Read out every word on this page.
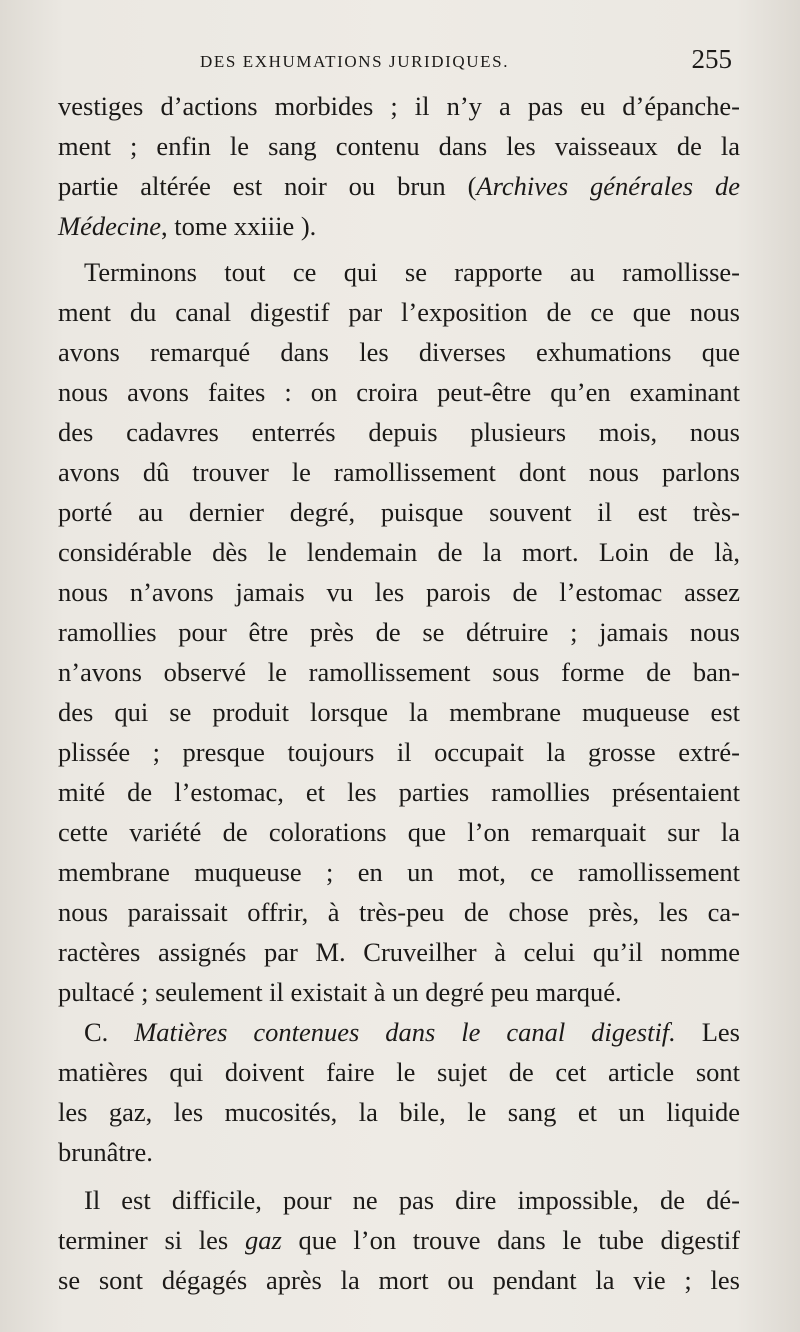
DES EXHUMATIONS JURIDIQUES.	255
vestiges d’actions morbides ; il n’y a pas eu d’épanche-
ment ; enfin le sang contenu dans les vaisseaux de la
partie altérée est noir ou brun (Archives générales de
Médecine, tome xxiiie ).
Terminons tout ce qui se rapporte au ramollisse-
ment du canal digestif par l’exposition de ce que nous
avons remarqué dans les diverses exhumations que
nous avons faites : on croira peut-être qu’en examinant
des cadavres enterrés depuis plusieurs mois, nous
avons dû trouver le ramollissement dont nous parlons
porté au dernier degré, puisque souvent il est très-
considérable dès le lendemain de la mort. Loin de là,
nous n’avons jamais vu les parois de l’estomac assez
ramollies pour être près de se détruire ; jamais nous
n’avons observé le ramollissement sous forme de ban-
des qui se produit lorsque la membrane muqueuse est
plissée ; presque toujours il occupait la grosse extré-
mité de l’estomac, et les parties ramollies présentaient
cette variété de colorations que l’on remarquait sur la
membrane muqueuse ; en un mot, ce ramollissement
nous paraissait offrir, à très-peu de chose près, les ca-
ractères assignés par M. Cruveilher à celui qu’il nomme
pultacé ; seulement il existait à un degré peu marqué.
C. Matières contenues dans le canal digestif. Les
matières qui doivent faire le sujet de cet article sont
les gaz, les mucosités, la bile, le sang et un liquide
brunâtre.
Il est difficile, pour ne pas dire impossible, de dé-
terminer si les gaz que l’on trouve dans le tube digestif
se sont dégagés après la mort ou pendant la vie ; les
